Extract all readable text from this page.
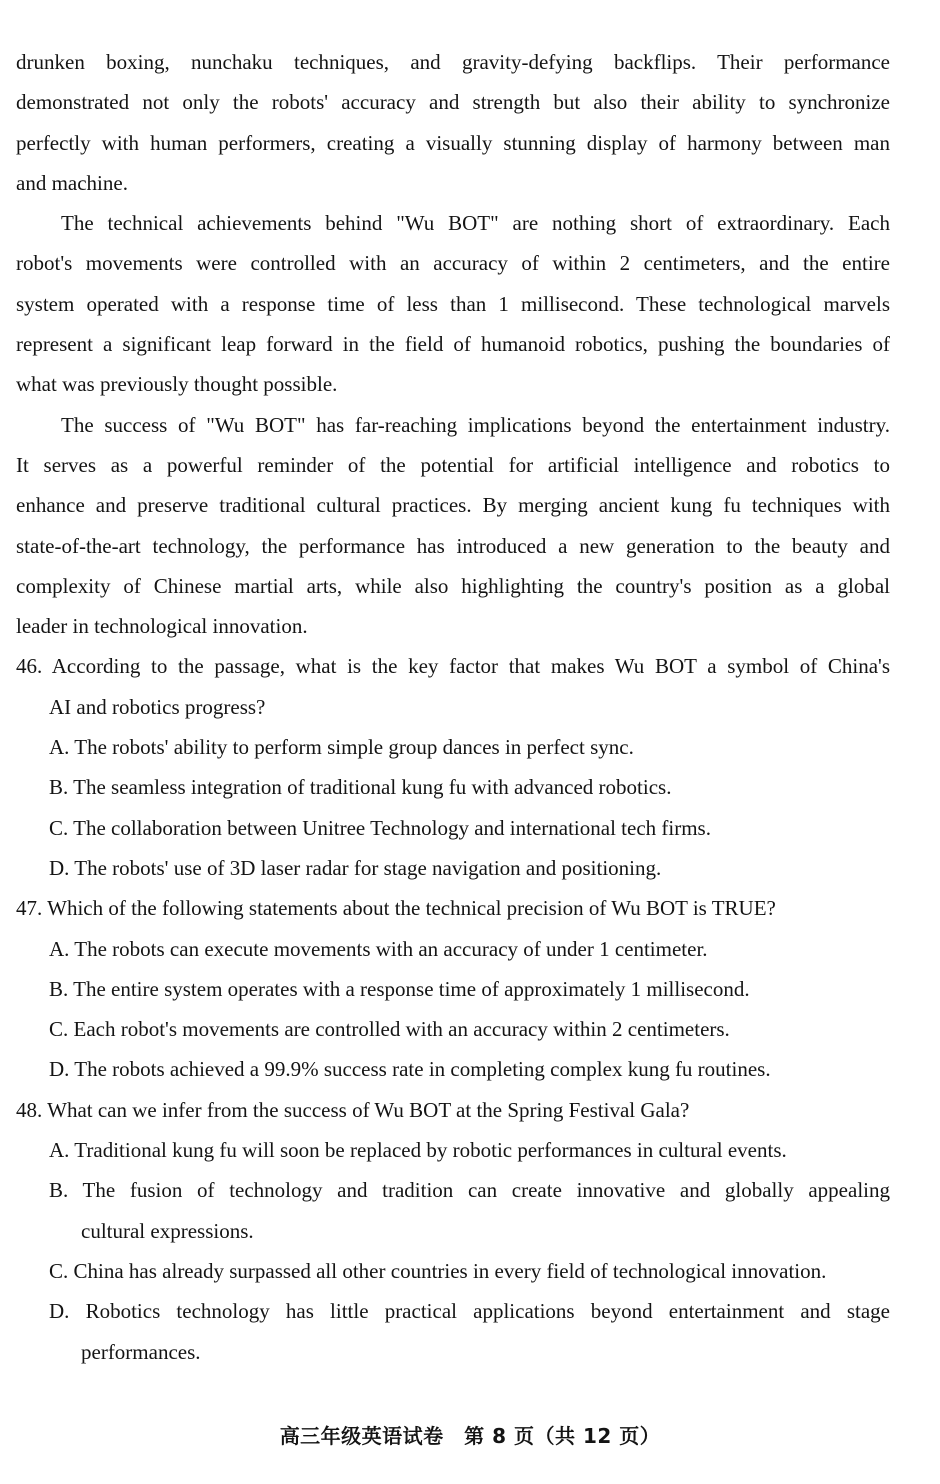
drunken boxing, nunchaku techniques, and gravity-defying backflips. Their performance
demonstrated not only the robots' accuracy and strength but also their ability to synchronize
perfectly with human performers, creating a visually stunning display of harmony between man
and machine.
The technical achievements behind "Wu BOT" are nothing short of extraordinary. Each
robot's movements were controlled with an accuracy of within 2 centimeters, and the entire
system operated with a response time of less than 1 millisecond. These technological marvels
represent a significant leap forward in the field of humanoid robotics, pushing the boundaries of
what was previously thought possible.
The success of "Wu BOT" has far-reaching implications beyond the entertainment industry.
It serves as a powerful reminder of the potential for artificial intelligence and robotics to
enhance and preserve traditional cultural practices. By merging ancient kung fu techniques with
state-of-the-art technology, the performance has introduced a new generation to the beauty and
complexity of Chinese martial arts, while also highlighting the country's position as a global
leader in technological innovation.
46. According to the passage, what is the key factor that makes Wu BOT a symbol of China's
AI and robotics progress?
A. The robots' ability to perform simple group dances in perfect sync.
B. The seamless integration of traditional kung fu with advanced robotics.
C. The collaboration between Unitree Technology and international tech firms.
D. The robots' use of 3D laser radar for stage navigation and positioning.
47. Which of the following statements about the technical precision of Wu BOT is TRUE?
A. The robots can execute movements with an accuracy of under 1 centimeter.
B. The entire system operates with a response time of approximately 1 millisecond.
C. Each robot's movements are controlled with an accuracy within 2 centimeters.
D. The robots achieved a 99.9% success rate in completing complex kung fu routines.
48. What can we infer from the success of Wu BOT at the Spring Festival Gala?
A. Traditional kung fu will soon be replaced by robotic performances in cultural events.
B. The fusion of technology and tradition can create innovative and globally appealing
cultural expressions.
C. China has already surpassed all other countries in every field of technological innovation.
D. Robotics technology has little practical applications beyond entertainment and stage
performances.
高三年级英语试卷　第 8 页（共 12 页）
